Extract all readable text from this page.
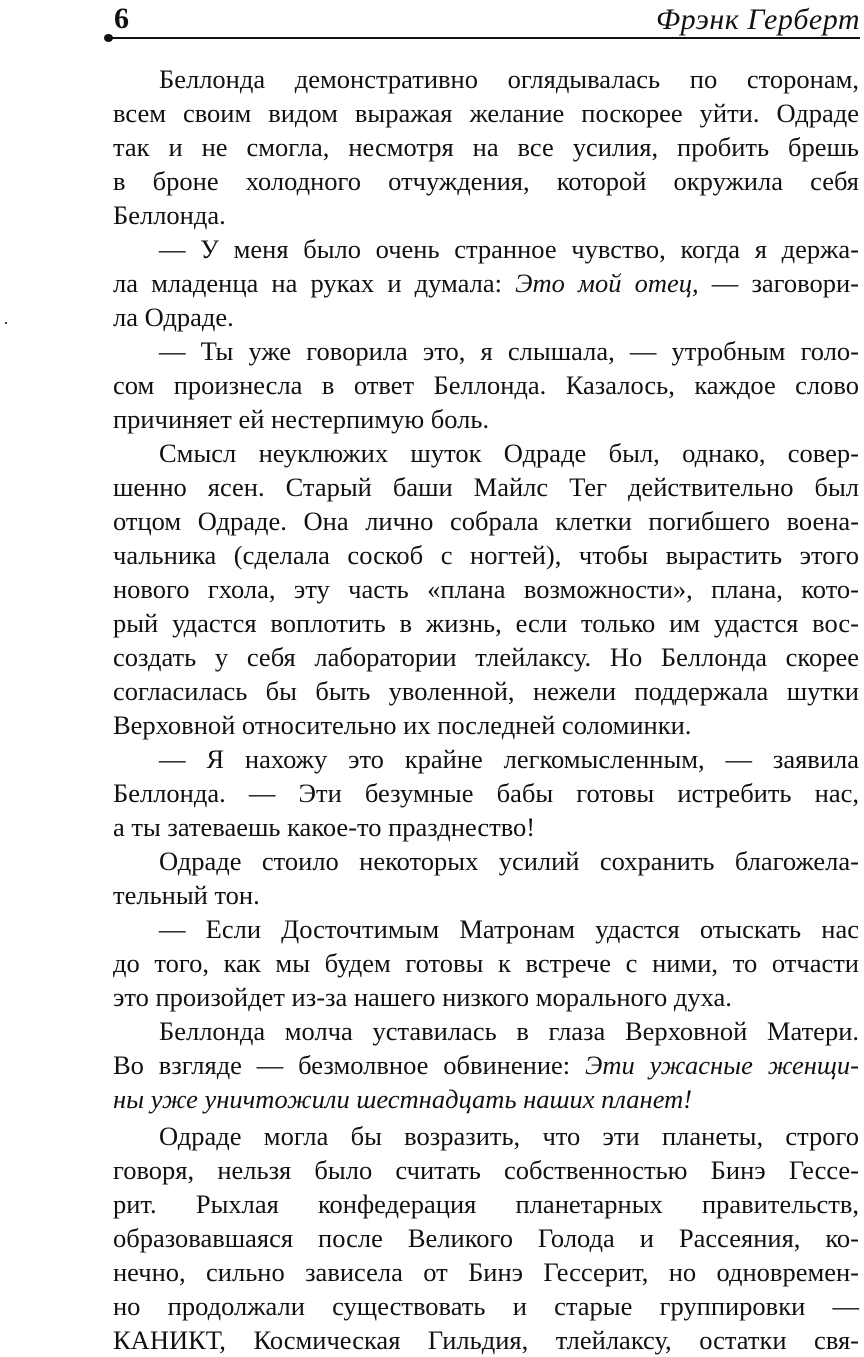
6	Фрэнк Герберт
Беллонда демонстративно оглядывалась по сторонам,
всем своим видом выражая желание поскорее уйти. Одраде
так и не смогла, несмотря на все усилия, пробить брешь
в броне холодного отчуждения, которой окружила себя
Беллонда.
— У меня было очень странное чувство, когда я держа-
ла младенца на руках и думала: Это мой отец, — заговори-
ла Одраде.
— Ты уже говорила это, я слышала, — утробным голо-
сом произнесла в ответ Беллонда. Казалось, каждое слово
причиняет ей нестерпимую боль.
Смысл неуклюжих шуток Одраде был, однако, совер-
шенно ясен. Старый баши Майлс Тег действительно был
отцом Одраде. Она лично собрала клетки погибшего воена-
чальника (сделала соскоб с ногтей), чтобы вырастить этого
нового гхола, эту часть «плана возможности», плана, кото-
рый удастся воплотить в жизнь, если только им удастся вос-
создать у себя лаборатории тлейлаксу. Но Беллонда скорее
согласилась бы быть уволенной, нежели поддержала шутки
Верховной относительно их последней соломинки.
— Я нахожу это крайне легкомысленным, — заявила
Беллонда. — Эти безумные бабы готовы истребить нас,
а ты затеваешь какое-то празднество!
Одраде стоило некоторых усилий сохранить благожела-
тельный тон.
— Если Досточтимым Матронам удастся отыскать нас
до того, как мы будем готовы к встрече с ними, то отчасти
это произойдет из-за нашего низкого морального духа.
Беллонда молча уставилась в глаза Верховной Матери.
Во взгляде — безмолвное обвинение: Эти ужасные женщи-
ны уже уничтожили шестнадцать наших планет!
Одраде могла бы возразить, что эти планеты, строго
говоря, нельзя было считать собственностью Бинэ Гессе-
рит. Рыхлая конфедерация планетарных правительств,
образовавшаяся после Великого Голода и Рассеяния, ко-
нечно, сильно зависела от Бинэ Гессерит, но одновремен-
но продолжали существовать и старые группировки —
КАНИКТ, Космическая Гильдия, тлейлаксу, остатки свя-
